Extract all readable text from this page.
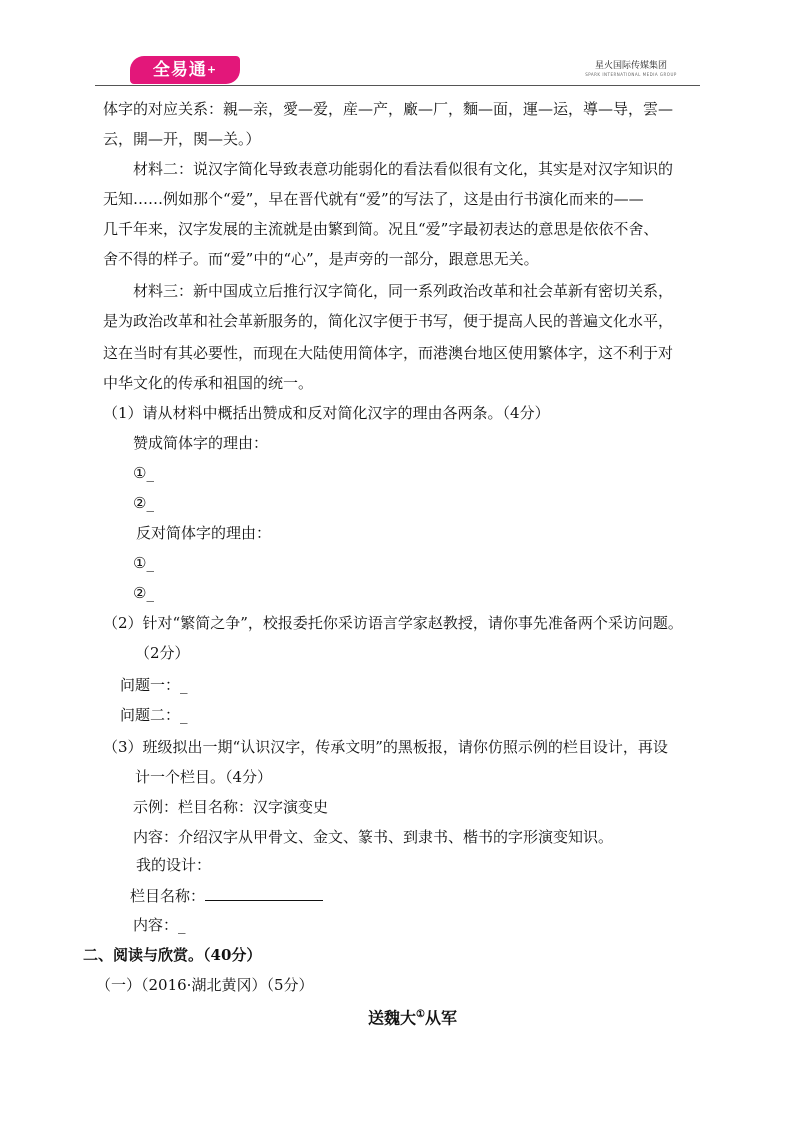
全易通+	星火国际传媒集团
SPARK INTERNATIONAL MEDIA GROUP
体字的对应关系：親—亲，愛—爱，産—产，廠—厂，麵—面，運—运，導—导，雲—
云，開—开，関—关。）
材料二：说汉字简化导致表意功能弱化的看法看似很有文化，其实是对汉字知识的
无知……例如那个“爱”，早在晋代就有“爱”的写法了，这是由行书演化而来的——
几千年来，汉字发展的主流就是由繁到简。况且“爱”字最初表达的意思是依依不舍、
舍不得的样子。而“爱”中的“心”，是声旁的一部分，跟意思无关。
材料三：新中国成立后推行汉字简化，同一系列政治改革和社会革新有密切关系，
是为政治改革和社会革新服务的，简化汉字便于书写，便于提高人民的普遍文化水平，
这在当时有其必要性，而现在大陆使用简体字，而港澳台地区使用繁体字，这不利于对
中华文化的传承和祖国的统一。
（1）请从材料中概括出赞成和反对简化汉字的理由各两条。（4分）
赞成简体字的理由：
①_
②_
反对简体字的理由：
①_
②_
（2）针对“繁简之争”，校报委托你采访语言学家赵教授，请你事先准备两个采访问题。
（2分）
问题一：_
问题二：_
（3）班级拟出一期“认识汉字，传承文明”的黑板报，请你仿照示例的栏目设计，再设
计一个栏目。（4分）
示例：栏目名称：汉字演变史
内容：介绍汉字从甲骨文、金文、篆书、到隶书、楷书的字形演变知识。
我的设计：
栏目名称：
内容：_
二、阅读与欣赏。（40分）
（一）（2016·湖北黄冈）（5分）
送魏大①从军
